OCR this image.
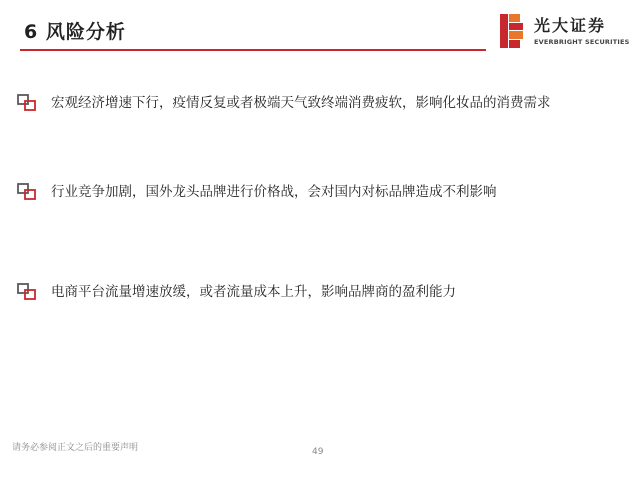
6 风险分析	光大证券
EVERBRIGHT SECURITIES
宏观经济增速下行，疫情反复或者极端天气致终端消费疲软，影响化妆品的消费需求
行业竞争加剧，国外龙头品牌进行价格战，会对国内对标品牌造成不利影响
电商平台流量增速放缓，或者流量成本上升，影响品牌商的盈利能力
请务必参阅正文之后的重要声明	49
